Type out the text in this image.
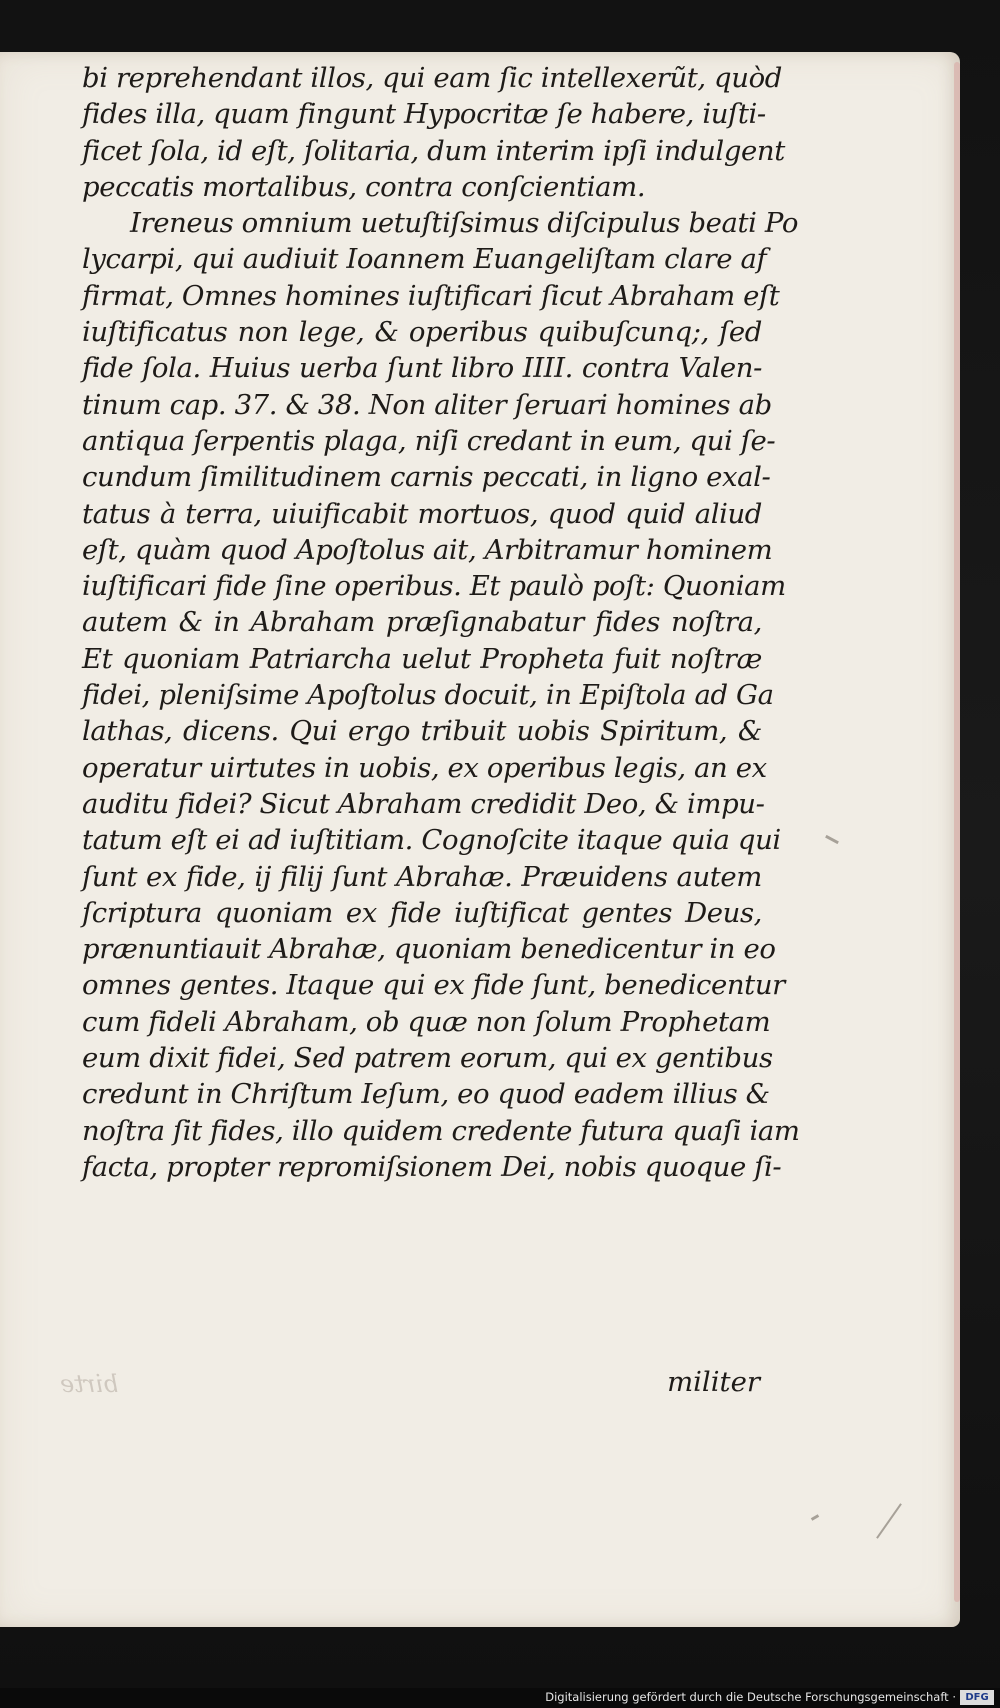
bi reprehendant illos, qui eam ſic intellexerũt, quòd
fides illa, quam fingunt Hypocritæ ſe habere, iuſti-
ficet ſola, id eſt, ſolitaria, dum interim ipſi indulgent
peccatis mortalibus, contra conſcientiam.
Ireneus omnium uetuſtiſsimus diſcipulus beati Po
lycarpi, qui audiuit Ioannem Euangeliſtam clare af
firmat, Omnes homines iuſtificari ſicut Abraham eſt
iuſtificatus non lege, & operibus quibuſcunq;, ſed
fide ſola. Huius uerba ſunt libro IIII. contra Valen-
tinum cap. 37. & 38. Non aliter ſeruari homines ab
antiqua ſerpentis plaga, niſi credant in eum, qui ſe-
cundum ſimilitudinem carnis peccati, in ligno exal-
tatus à terra, uiuificabit mortuos, quod quid aliud
eſt, quàm quod Apoſtolus ait, Arbitramur hominem
iuſtificari fide ſine operibus. Et paulò poſt: Quoniam
autem & in Abraham præſignabatur fides noſtra,
Et quoniam Patriarcha uelut Propheta fuit noſtræ
fidei, pleniſsime Apoſtolus docuit, in Epiſtola ad Ga
lathas, dicens. Qui ergo tribuit uobis Spiritum, &
operatur uirtutes in uobis, ex operibus legis, an ex
auditu fidei? Sicut Abraham credidit Deo, & impu-
tatum eſt ei ad iuſtitiam. Cognoſcite itaque quia qui
ſunt ex fide, ij filij ſunt Abrahæ. Præuidens autem
ſcriptura quoniam ex fide iuſtificat gentes Deus,
prænuntiauit Abrahæ, quoniam benedicentur in eo
omnes gentes. Itaque qui ex fide ſunt, benedicentur
cum fideli Abraham, ob quæ non ſolum Prophetam
eum dixit fidei, Sed patrem eorum, qui ex gentibus
credunt in Chriſtum Ieſum, eo quod eadem illius &
noſtra ſit fides, illo quidem credente futura quaſi iam
facta, propter repromiſsionem Dei, nobis quoque ſi-
militer
birte
Digitalisierung gefördert durch die Deutsche Forschungsgemeinschaft · DFG
